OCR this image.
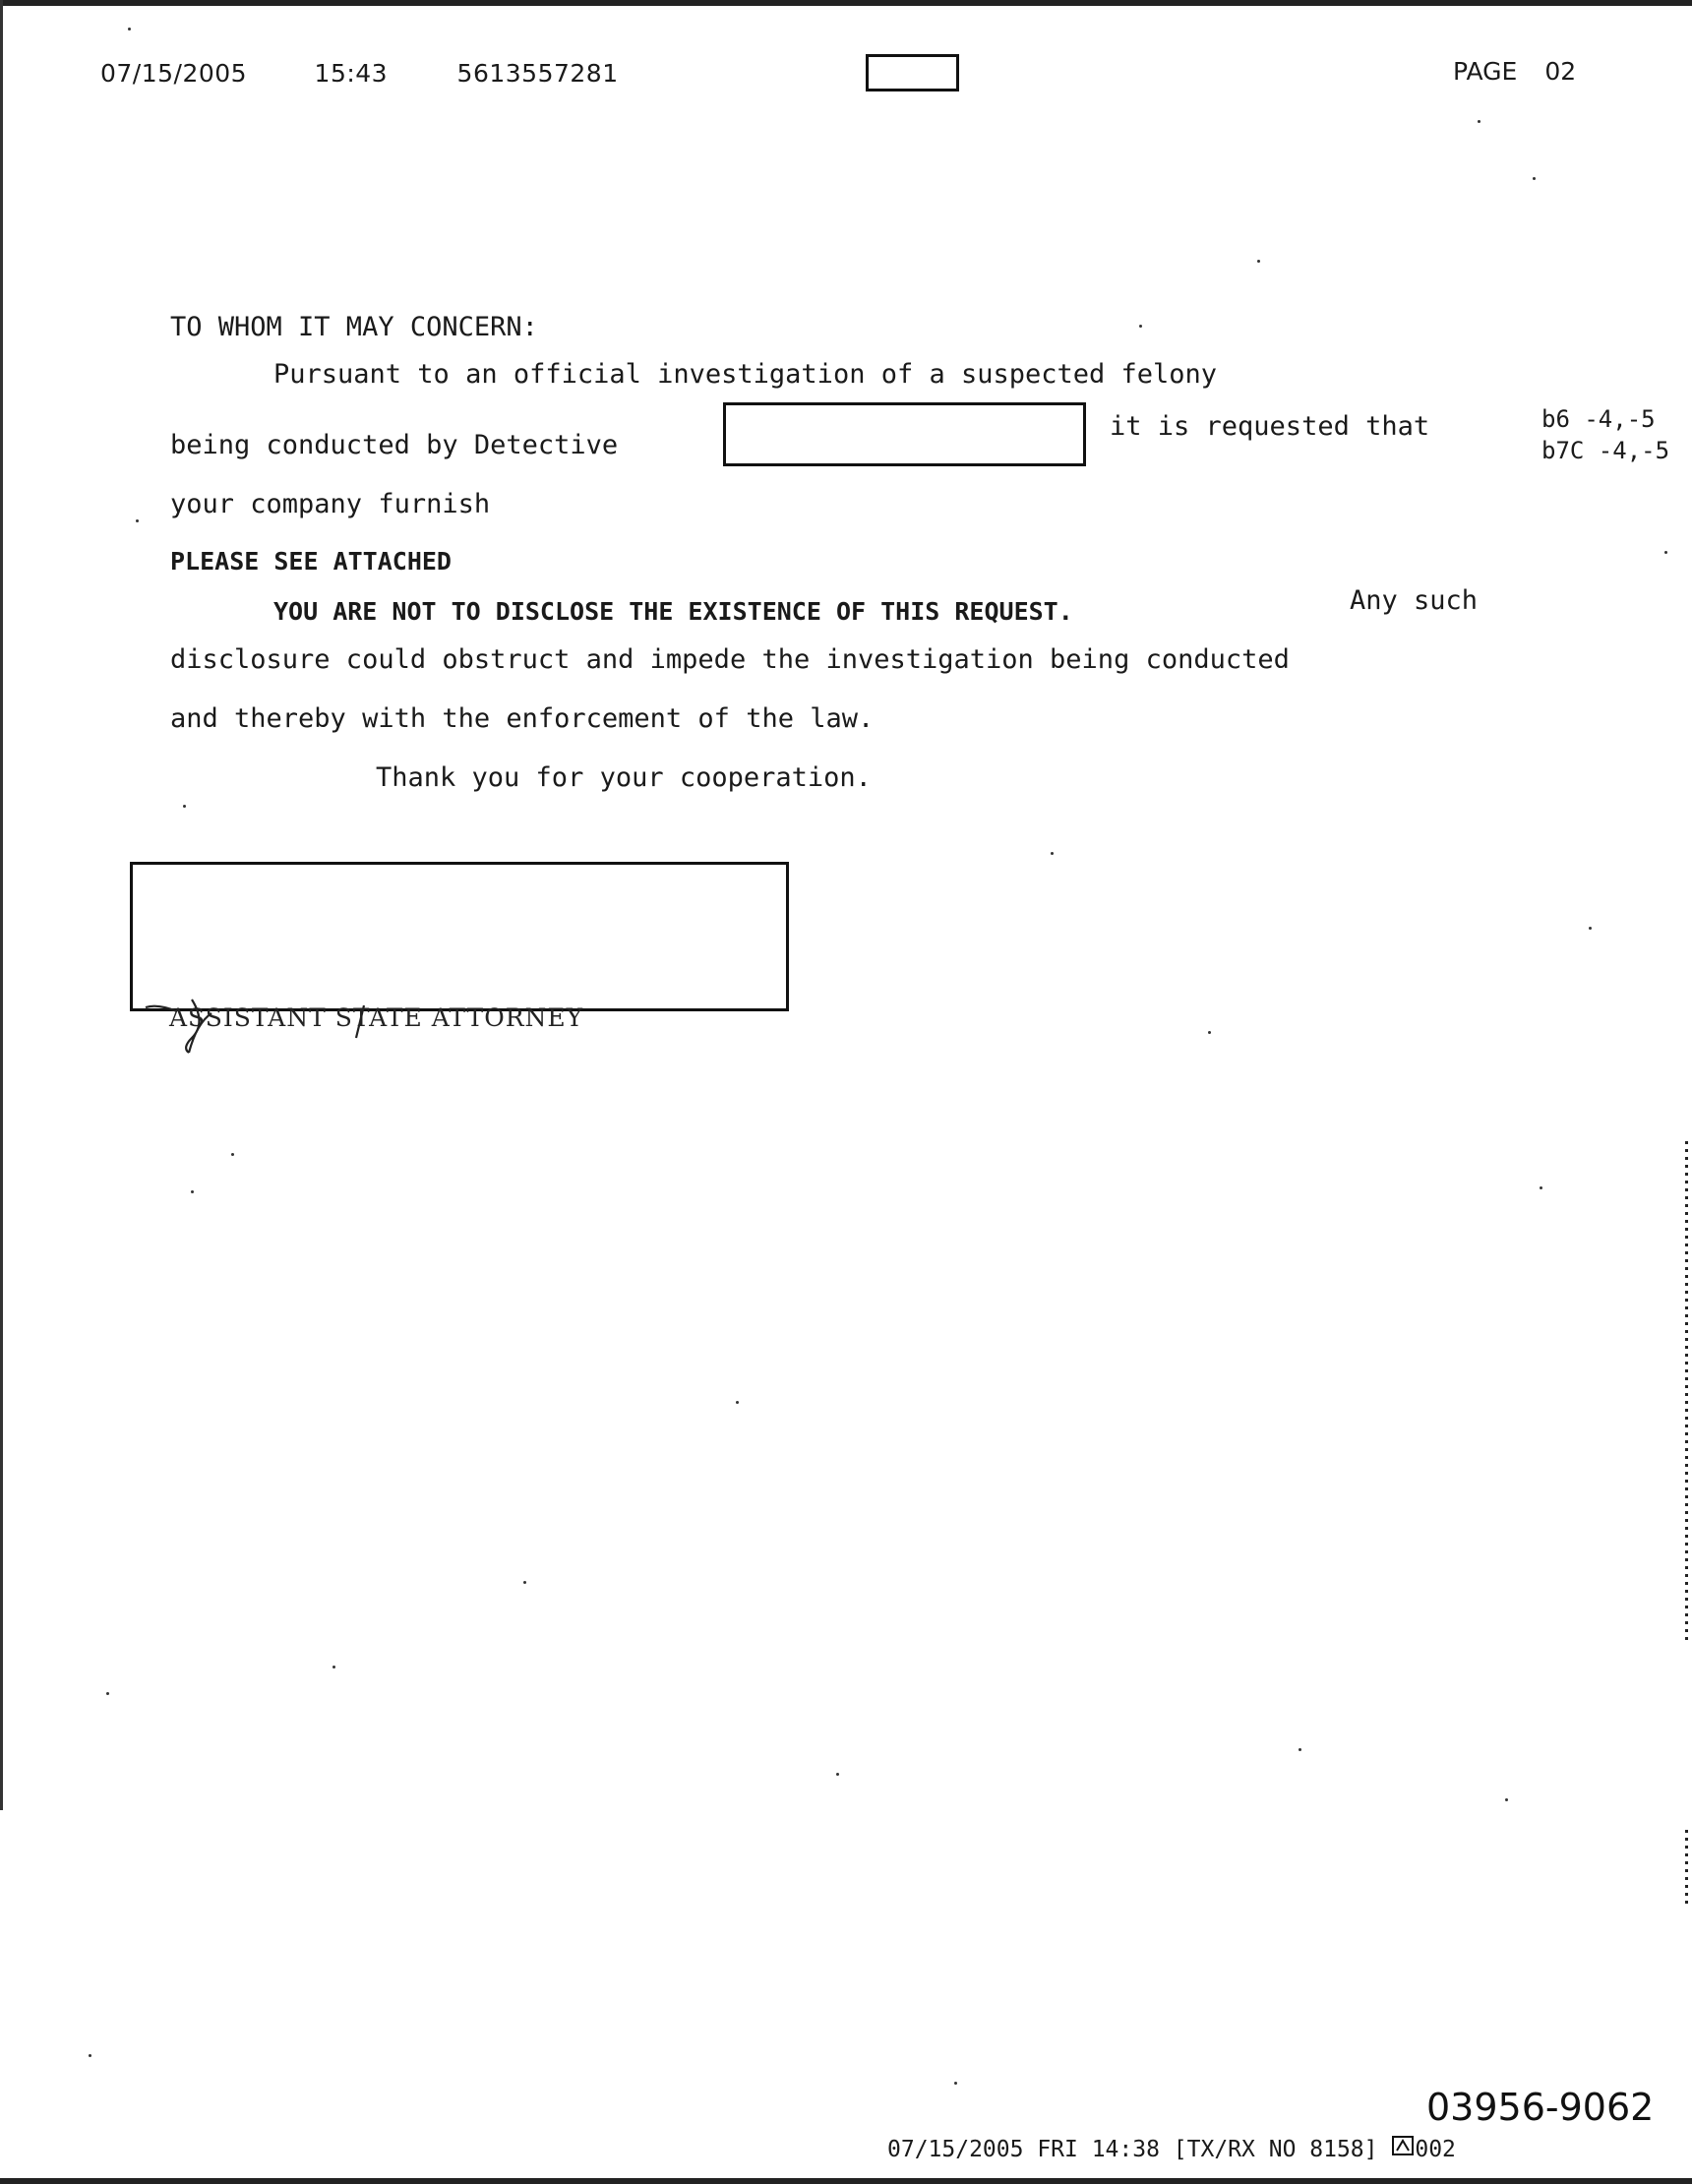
07/15/2005	15:43	5613557281	PAGE 02
TO WHOM IT MAY CONCERN:
Pursuant to an official investigation of a suspected felony
being conducted by Detective
it is requested that	b6 -4,-5
b7C -4,-5
your company furnish
PLEASE SEE ATTACHED
YOU ARE NOT TO DISCLOSE THE EXISTENCE OF THIS REQUEST.	Any such
disclosure could obstruct and impede the investigation being conducted
and thereby with the enforcement of the law.
Thank you for your cooperation.
ASSISTANT STATE ATTORNEY
03956-9062
07/15/2005 FRI 14:38 [TX/RX NO 8158] 002
